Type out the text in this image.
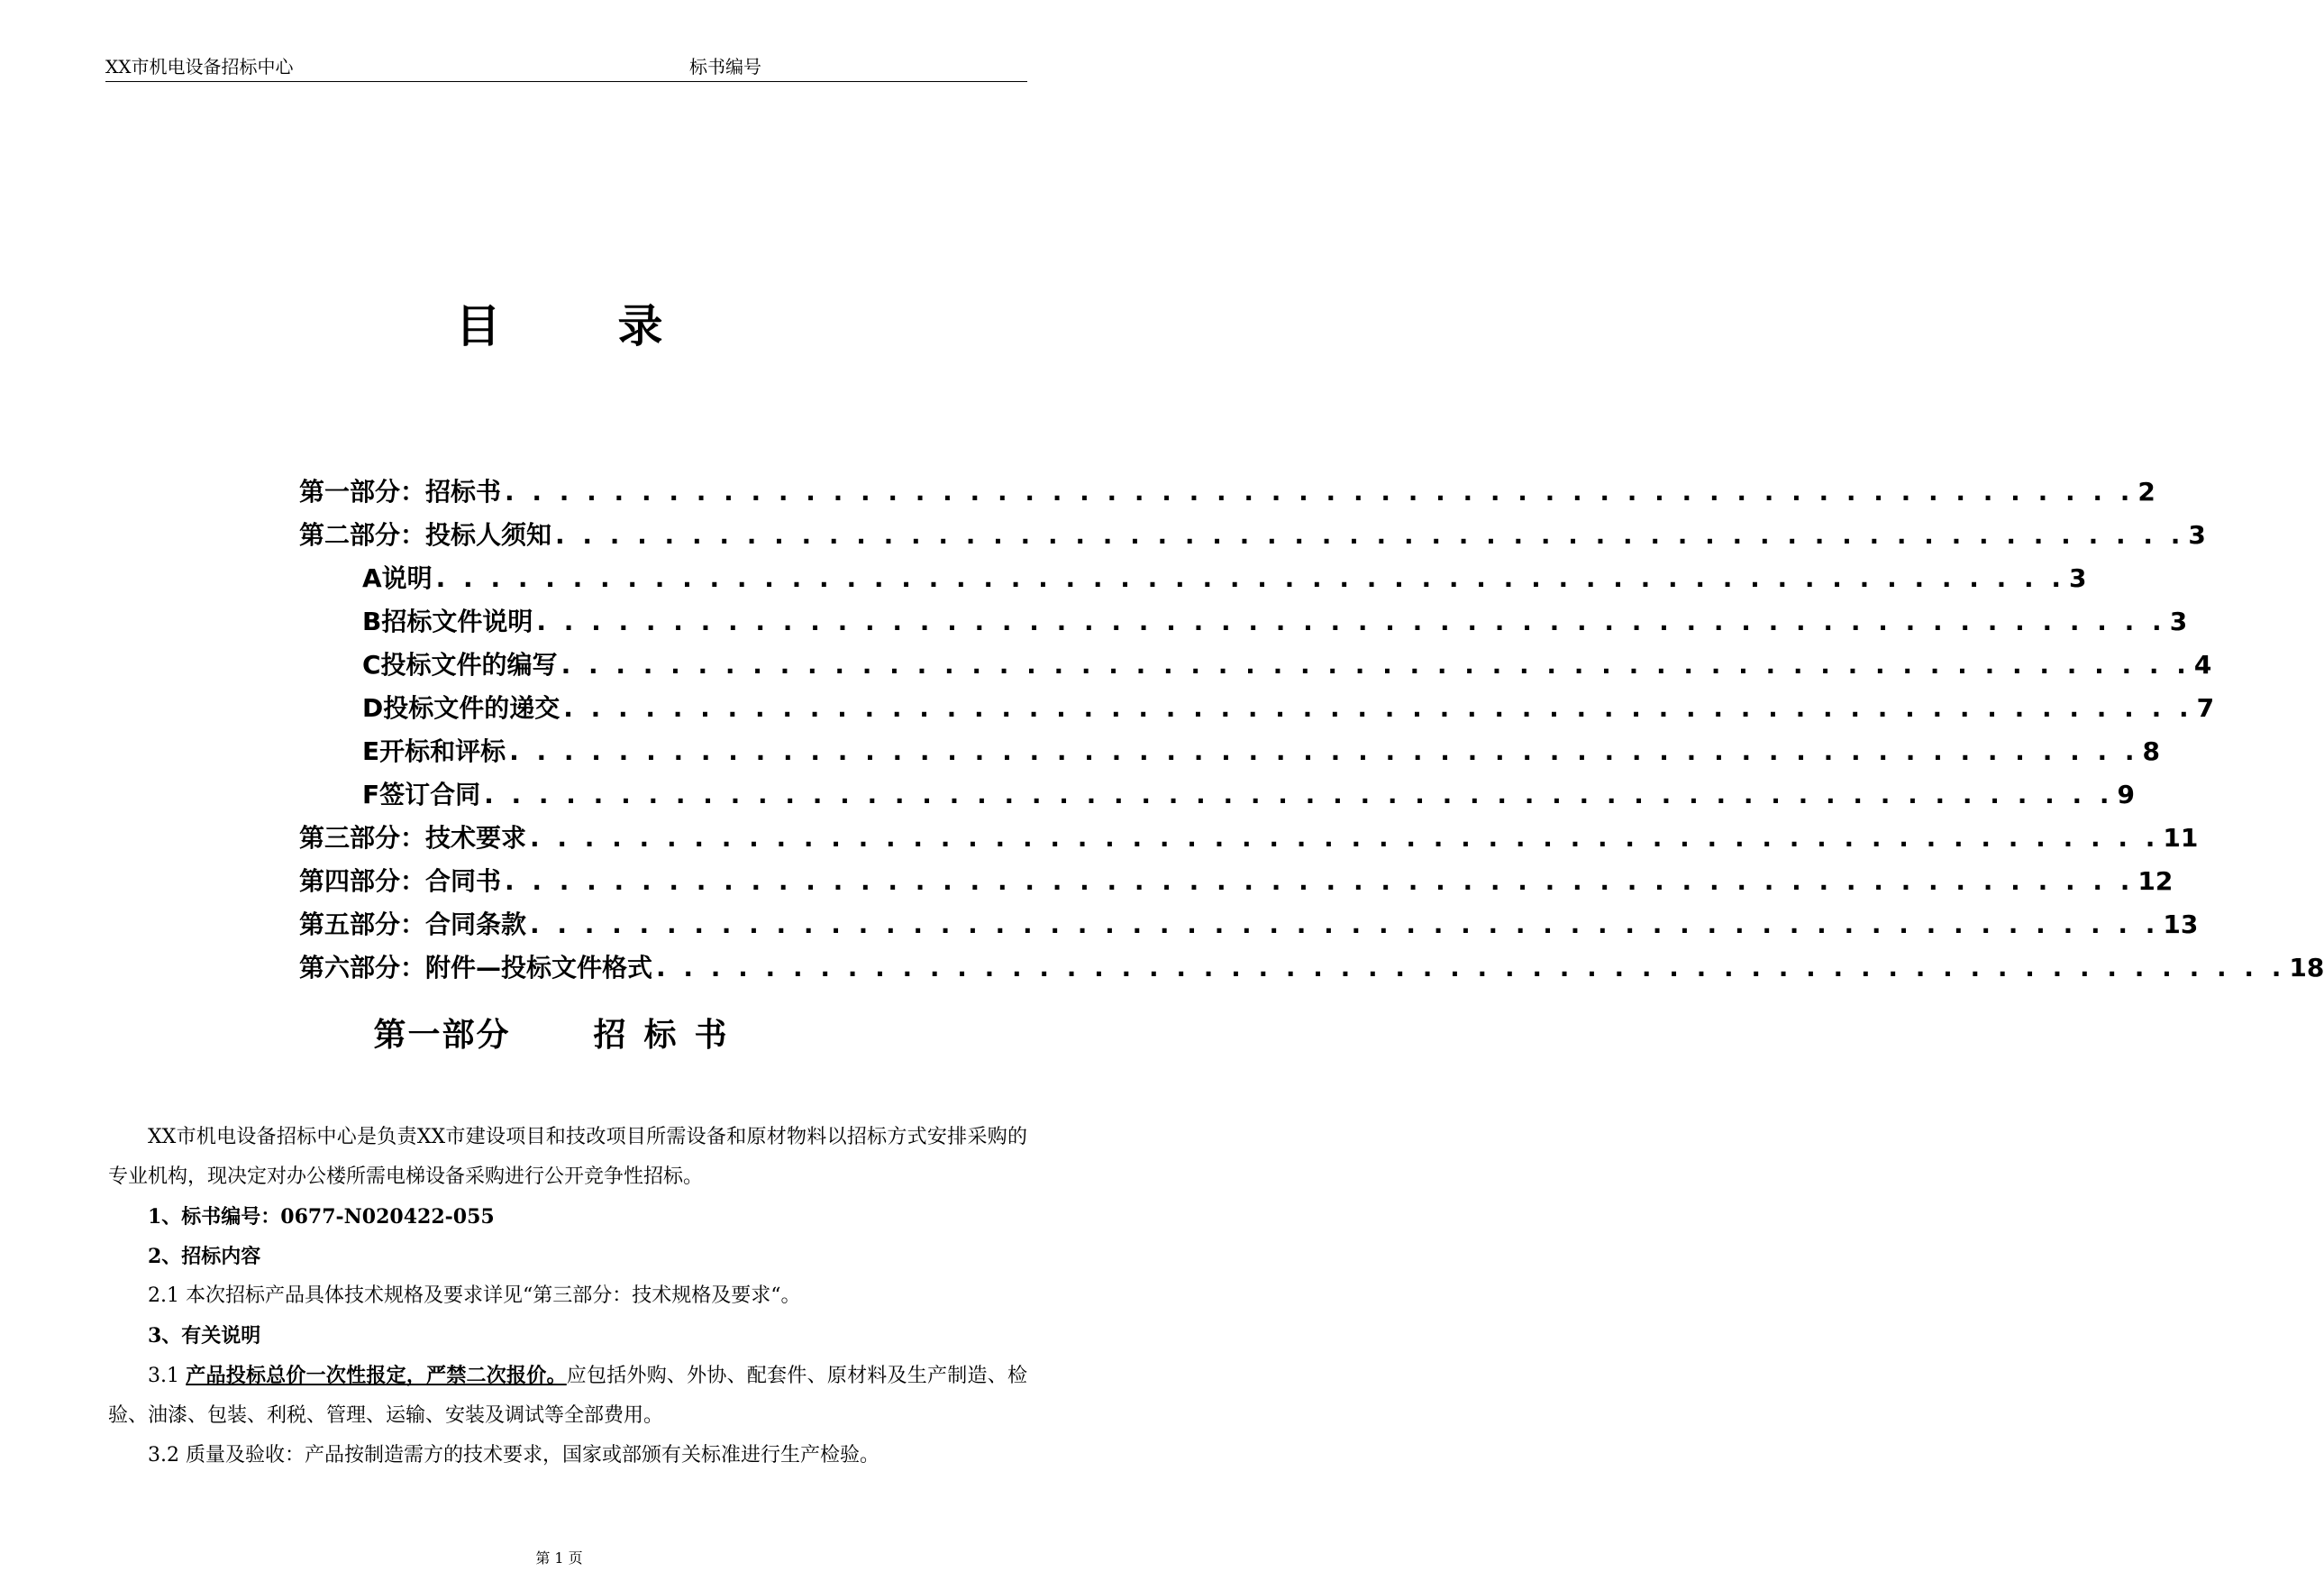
XX市机电设备招标中心	标书编号
目录
第一部分：招标书 . . . . . . . . . . . . . . . . . . . . . . . . . . . . . . . . . . . . . . . . . . . . . . . . . . . . . . . . . . . . 2
第二部分：投标人须知 . . . . . . . . . . . . . . . . . . . . . . . . . . . . . . . . . . . . . . . . . . . . . . . . . . . . . . . . . . . . 3
A说明 . . . . . . . . . . . . . . . . . . . . . . . . . . . . . . . . . . . . . . . . . . . . . . . . . . . . . . . . . . . . 3
B招标文件说明 . . . . . . . . . . . . . . . . . . . . . . . . . . . . . . . . . . . . . . . . . . . . . . . . . . . . . . . . . . . . 3
C投标文件的编写 . . . . . . . . . . . . . . . . . . . . . . . . . . . . . . . . . . . . . . . . . . . . . . . . . . . . . . . . . . . . 4
D投标文件的递交 . . . . . . . . . . . . . . . . . . . . . . . . . . . . . . . . . . . . . . . . . . . . . . . . . . . . . . . . . . . . 7
E开标和评标 . . . . . . . . . . . . . . . . . . . . . . . . . . . . . . . . . . . . . . . . . . . . . . . . . . . . . . . . . . . . 8
F签订合同 . . . . . . . . . . . . . . . . . . . . . . . . . . . . . . . . . . . . . . . . . . . . . . . . . . . . . . . . . . . . 9
第三部分：技术要求 . . . . . . . . . . . . . . . . . . . . . . . . . . . . . . . . . . . . . . . . . . . . . . . . . . . . . . . . . . . . 11
第四部分：合同书 . . . . . . . . . . . . . . . . . . . . . . . . . . . . . . . . . . . . . . . . . . . . . . . . . . . . . . . . . . . . 12
第五部分：合同条款 . . . . . . . . . . . . . . . . . . . . . . . . . . . . . . . . . . . . . . . . . . . . . . . . . . . . . . . . . . . . 13
第六部分：附件—投标文件格式 . . . . . . . . . . . . . . . . . . . . . . . . . . . . . . . . . . . . . . . . . . . . . . . . . . . . . . . . . . . . 18
第一部分	招标书

XX市机电设备招标中心是负责XX市建设项目和技改项目所需设备和原材物料以招标方式安排采购的专业机构，现决定对办公楼所需电梯设备采购进行公开竞争性招标。

1、标书编号：0677-N020422-055

2、招标内容

2.1 本次招标产品具体技术规格及要求详见“第三部分：技术规格及要求“。

3、有关说明

3.1 产品投标总价一次性报定，严禁二次报价。应包括外购、外协、配套件、原材料及生产制造、检验、油漆、包装、利税、管理、运输、安装及调试等全部费用。

3.2 质量及验收：产品按制造需方的技术要求，国家或部颁有关标准进行生产检验。

第 1 页
